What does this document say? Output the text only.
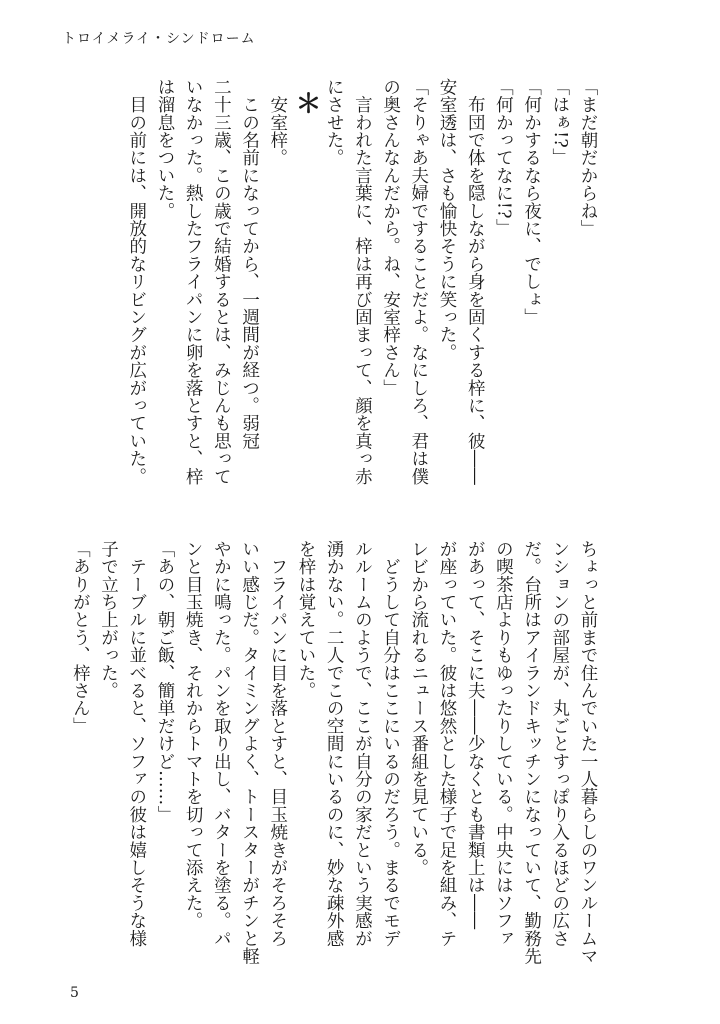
トロイメライ・シンドローム
「まだ朝だからね」
「はぁ!?」
「何かするなら夜に、でしょ」
「何かってなに!?」
　布団で体を隠しながら身を固くする梓に、彼――
安室透は、さも愉快そうに笑った。
「そりゃあ夫婦ですることだよ。なにしろ、君は僕
の奥さんなんだから。ね、安室梓さん」
　言われた言葉に、梓は再び固まって、顔を真っ赤
にさせた。
＊
　安室梓。
　この名前になってから、一週間が経つ。弱冠
二十三歳、この歳で結婚するとは、みじんも思って
いなかった。熱したフライパンに卵を落とすと、梓
は溜息をついた。
　目の前には、開放的なリビングが広がっていた。
ちょっと前まで住んでいた一人暮らしのワンルームマ
ンションの部屋が、丸ごとすっぽり入るほどの広さ
だ。台所はアイランドキッチンになっていて、勤務先
の喫茶店よりもゆったりしている。中央にはソファ
があって、そこに夫――少なくとも書類上は――
が座っていた。彼は悠然とした様子で足を組み、テ
レビから流れるニュース番組を見ている。
　どうして自分はここにいるのだろう。まるでモデ
ルルームのようで、ここが自分の家だという実感が
湧かない。二人でこの空間にいるのに、妙な疎外感
を梓は覚えていた。
　フライパンに目を落とすと、目玉焼きがそろそろ
いい感じだ。タイミングよく、トースターがチンと軽
やかに鳴った。パンを取り出し、バターを塗る。パ
ンと目玉焼き、それからトマトを切って添えた。
「あの、朝ご飯、簡単だけど……」
　テーブルに並べると、ソファの彼は嬉しそうな様
子で立ち上がった。
「ありがとう、梓さん」
5
